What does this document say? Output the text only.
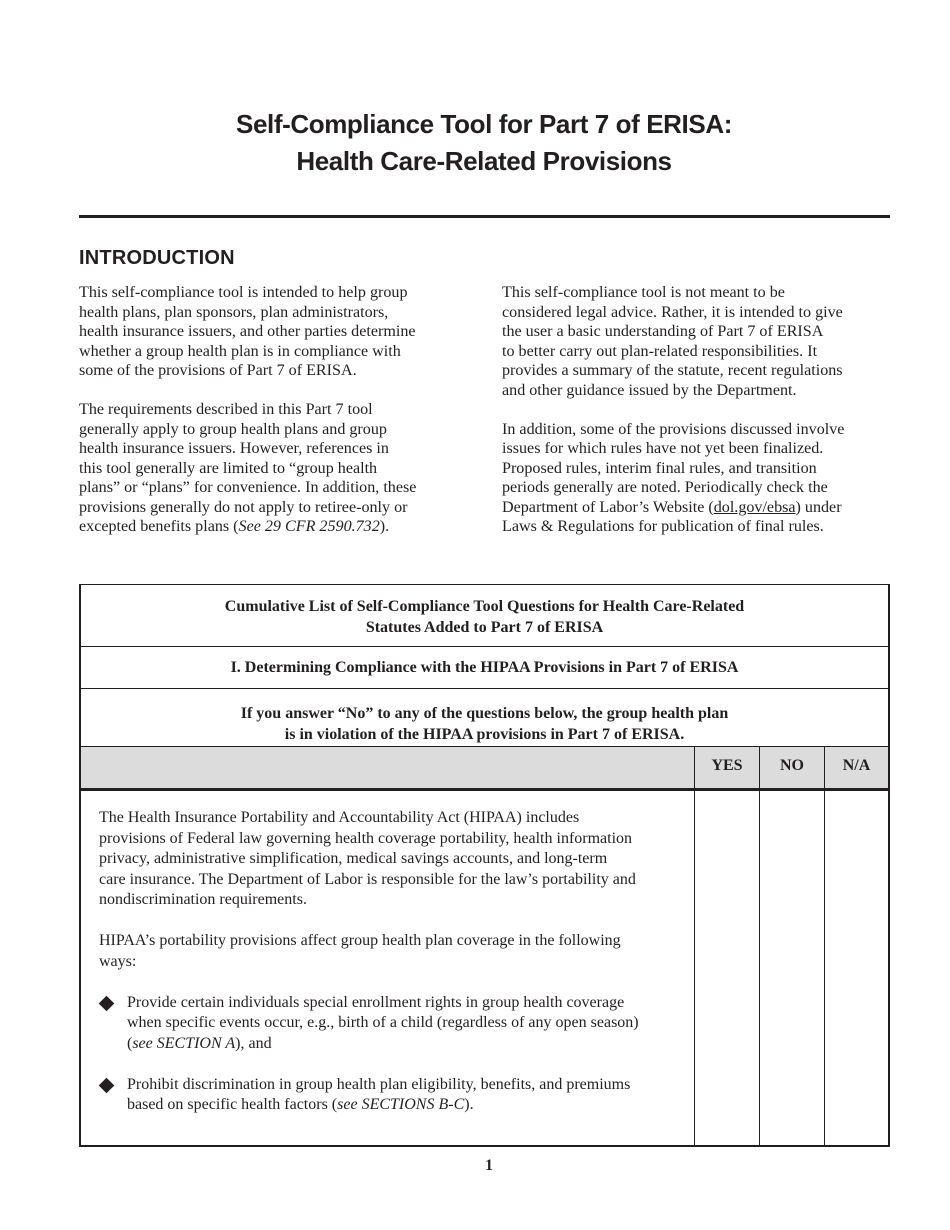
Self-Compliance Tool for Part 7 of ERISA:
Health Care-Related Provisions
INTRODUCTION
This self-compliance tool is intended to help group
health plans, plan sponsors, plan administrators,
health insurance issuers, and other parties determine
whether a group health plan is in compliance with
some of the provisions of Part 7 of ERISA.
The requirements described in this Part 7 tool
generally apply to group health plans and group
health insurance issuers. However, references in
this tool generally are limited to “group health
plans” or “plans” for convenience. In addition, these
provisions generally do not apply to retiree-only or
excepted benefits plans (See 29 CFR 2590.732).
This self-compliance tool is not meant to be
considered legal advice. Rather, it is intended to give
the user a basic understanding of Part 7 of ERISA
to better carry out plan-related responsibilities. It
provides a summary of the statute, recent regulations
and other guidance issued by the Department.
In addition, some of the provisions discussed involve
issues for which rules have not yet been finalized.
Proposed rules, interim final rules, and transition
periods generally are noted. Periodically check the
Department of Labor’s Website (dol.gov/ebsa) under
Laws & Regulations for publication of final rules.
Cumulative List of Self-Compliance Tool Questions for Health Care-Related
Statutes Added to Part 7 of ERISA
I. Determining Compliance with the HIPAA Provisions in Part 7 of ERISA
If you answer “No” to any of the questions below, the group health plan
is in violation of the HIPAA provisions in Part 7 of ERISA.
YES	NO	N/A
The Health Insurance Portability and Accountability Act (HIPAA) includes
provisions of Federal law governing health coverage portability, health information
privacy, administrative simplification, medical savings accounts, and long-term
care insurance. The Department of Labor is responsible for the law’s portability and
nondiscrimination requirements.
HIPAA’s portability provisions affect group health plan coverage in the following
ways:
Provide certain individuals special enrollment rights in group health coverage
when specific events occur, e.g., birth of a child (regardless of any open season)
(see SECTION A), and
Prohibit discrimination in group health plan eligibility, benefits, and premiums
based on specific health factors (see SECTIONS B-C).
1
